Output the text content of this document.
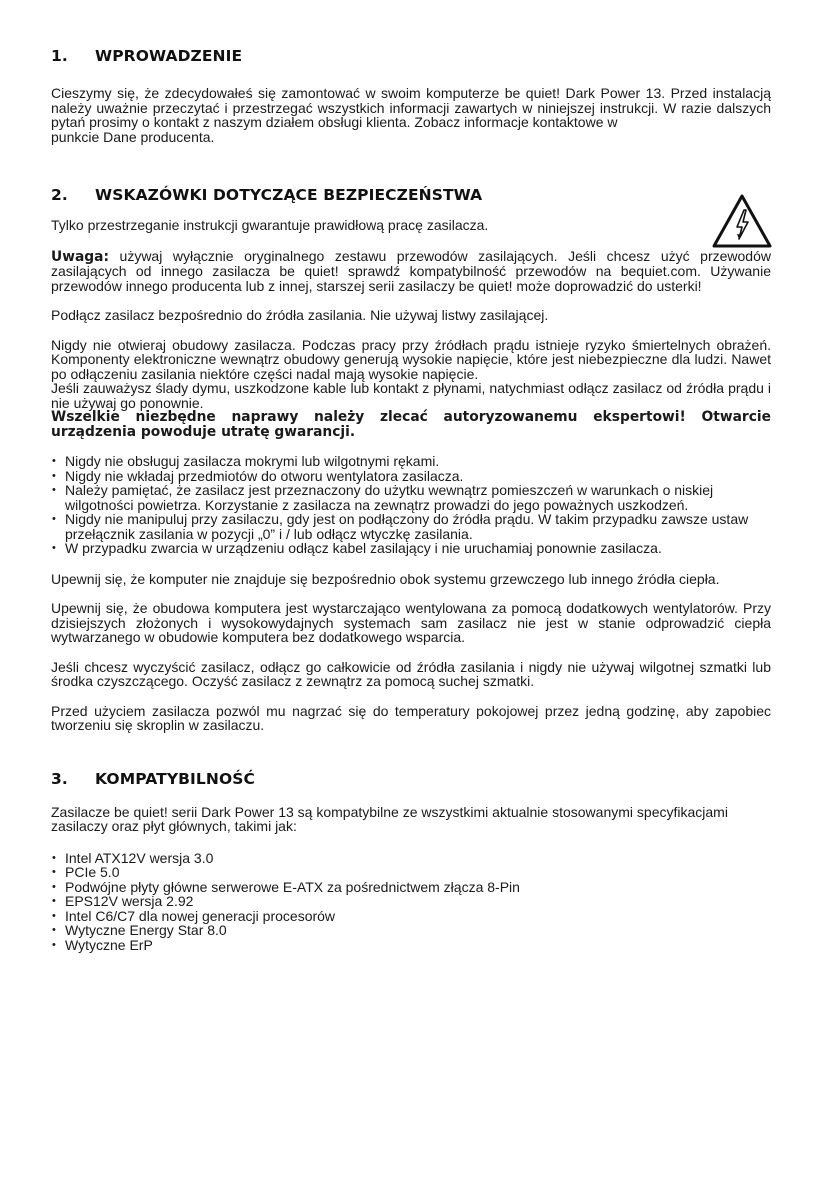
1.	WPROWADZENIE

Cieszymy się, że zdecydowałeś się zamontować w swoim komputerze be quiet! Dark Power 13. Przed instalacją należy uważnie przeczytać i przestrzegać wszystkich informacji zawartych w niniejszej instrukcji. W razie dalszych pytań prosimy o kontakt z naszym działem obsługi klienta. Zobacz informacje kontaktowe w

punkcie Dane producenta.

2.	WSKAZÓWKI DOTYCZĄCE BEZPIECZEŃSTWA

Tylko przestrzeganie instrukcji gwarantuje prawidłową pracę zasilacza.

Uwaga: używaj wyłącznie oryginalnego zestawu przewodów zasilających. Jeśli chcesz użyć przewodów zasilających od innego zasilacza be quiet! sprawdź kompatybilność przewodów na bequiet.com. Używanie przewodów innego producenta lub z innej, starszej serii zasilaczy be quiet! może doprowadzić do usterki!

Podłącz zasilacz bezpośrednio do źródła zasilania. Nie używaj listwy zasilającej.

Nigdy nie otwieraj obudowy zasilacza. Podczas pracy przy źródłach prądu istnieje ryzyko śmiertelnych obrażeń. Komponenty elektroniczne wewnątrz obudowy generują wysokie napięcie, które jest niebezpieczne dla ludzi. Nawet po odłączeniu zasilania niektóre części nadal mają wysokie napięcie.

Jeśli zauważysz ślady dymu, uszkodzone kable lub kontakt z płynami, natychmiast odłącz zasilacz od źródła prądu i nie używaj go ponownie.

Wszelkie niezbędne naprawy należy zlecać autoryzowanemu ekspertowi! Otwarcie urządzenia powoduje utratę gwarancji.

• Nigdy nie obsługuj zasilacza mokrymi lub wilgotnymi rękami.
• Nigdy nie wkładaj przedmiotów do otworu wentylatora zasilacza.
• Należy pamiętać, że zasilacz jest przeznaczony do użytku wewnątrz pomieszczeń w warunkach o niskiej wilgotności powietrza. Korzystanie z zasilacza na zewnątrz prowadzi do jego poważnych uszkodzeń.
• Nigdy nie manipuluj przy zasilaczu, gdy jest on podłączony do źródła prądu. W takim przypadku zawsze ustaw przełącznik zasilania w pozycji „0” i / lub odłącz wtyczkę zasilania.
• W przypadku zwarcia w urządzeniu odłącz kabel zasilający i nie uruchamiaj ponownie zasilacza.

Upewnij się, że komputer nie znajduje się bezpośrednio obok systemu grzewczego lub innego źródła ciepła.

Upewnij się, że obudowa komputera jest wystarczająco wentylowana za pomocą dodatkowych wentylatorów. Przy dzisiejszych złożonych i wysokowydajnych systemach sam zasilacz nie jest w stanie odprowadzić ciepła wytwarzanego w obudowie komputera bez dodatkowego wsparcia.

Jeśli chcesz wyczyścić zasilacz, odłącz go całkowicie od źródła zasilania i nigdy nie używaj wilgotnej szmatki lub środka czyszczącego. Oczyść zasilacz z zewnątrz za pomocą suchej szmatki.

Przed użyciem zasilacza pozwól mu nagrzać się do temperatury pokojowej przez jedną godzinę, aby zapobiec tworzeniu się skroplin w zasilaczu.

3.	KOMPATYBILNOŚĆ

Zasilacze be quiet! serii Dark Power 13 są kompatybilne ze wszystkimi aktualnie stosowanymi specyfikacjami

zasilaczy oraz płyt głównych, takimi jak:

• Intel ATX12V wersja 3.0
• PCIe 5.0
• Podwójne płyty główne serwerowe E-ATX za pośrednictwem złącza 8-Pin
• EPS12V wersja 2.92
• Intel C6/C7 dla nowej generacji procesorów
• Wytyczne Energy Star 8.0
• Wytyczne ErP
